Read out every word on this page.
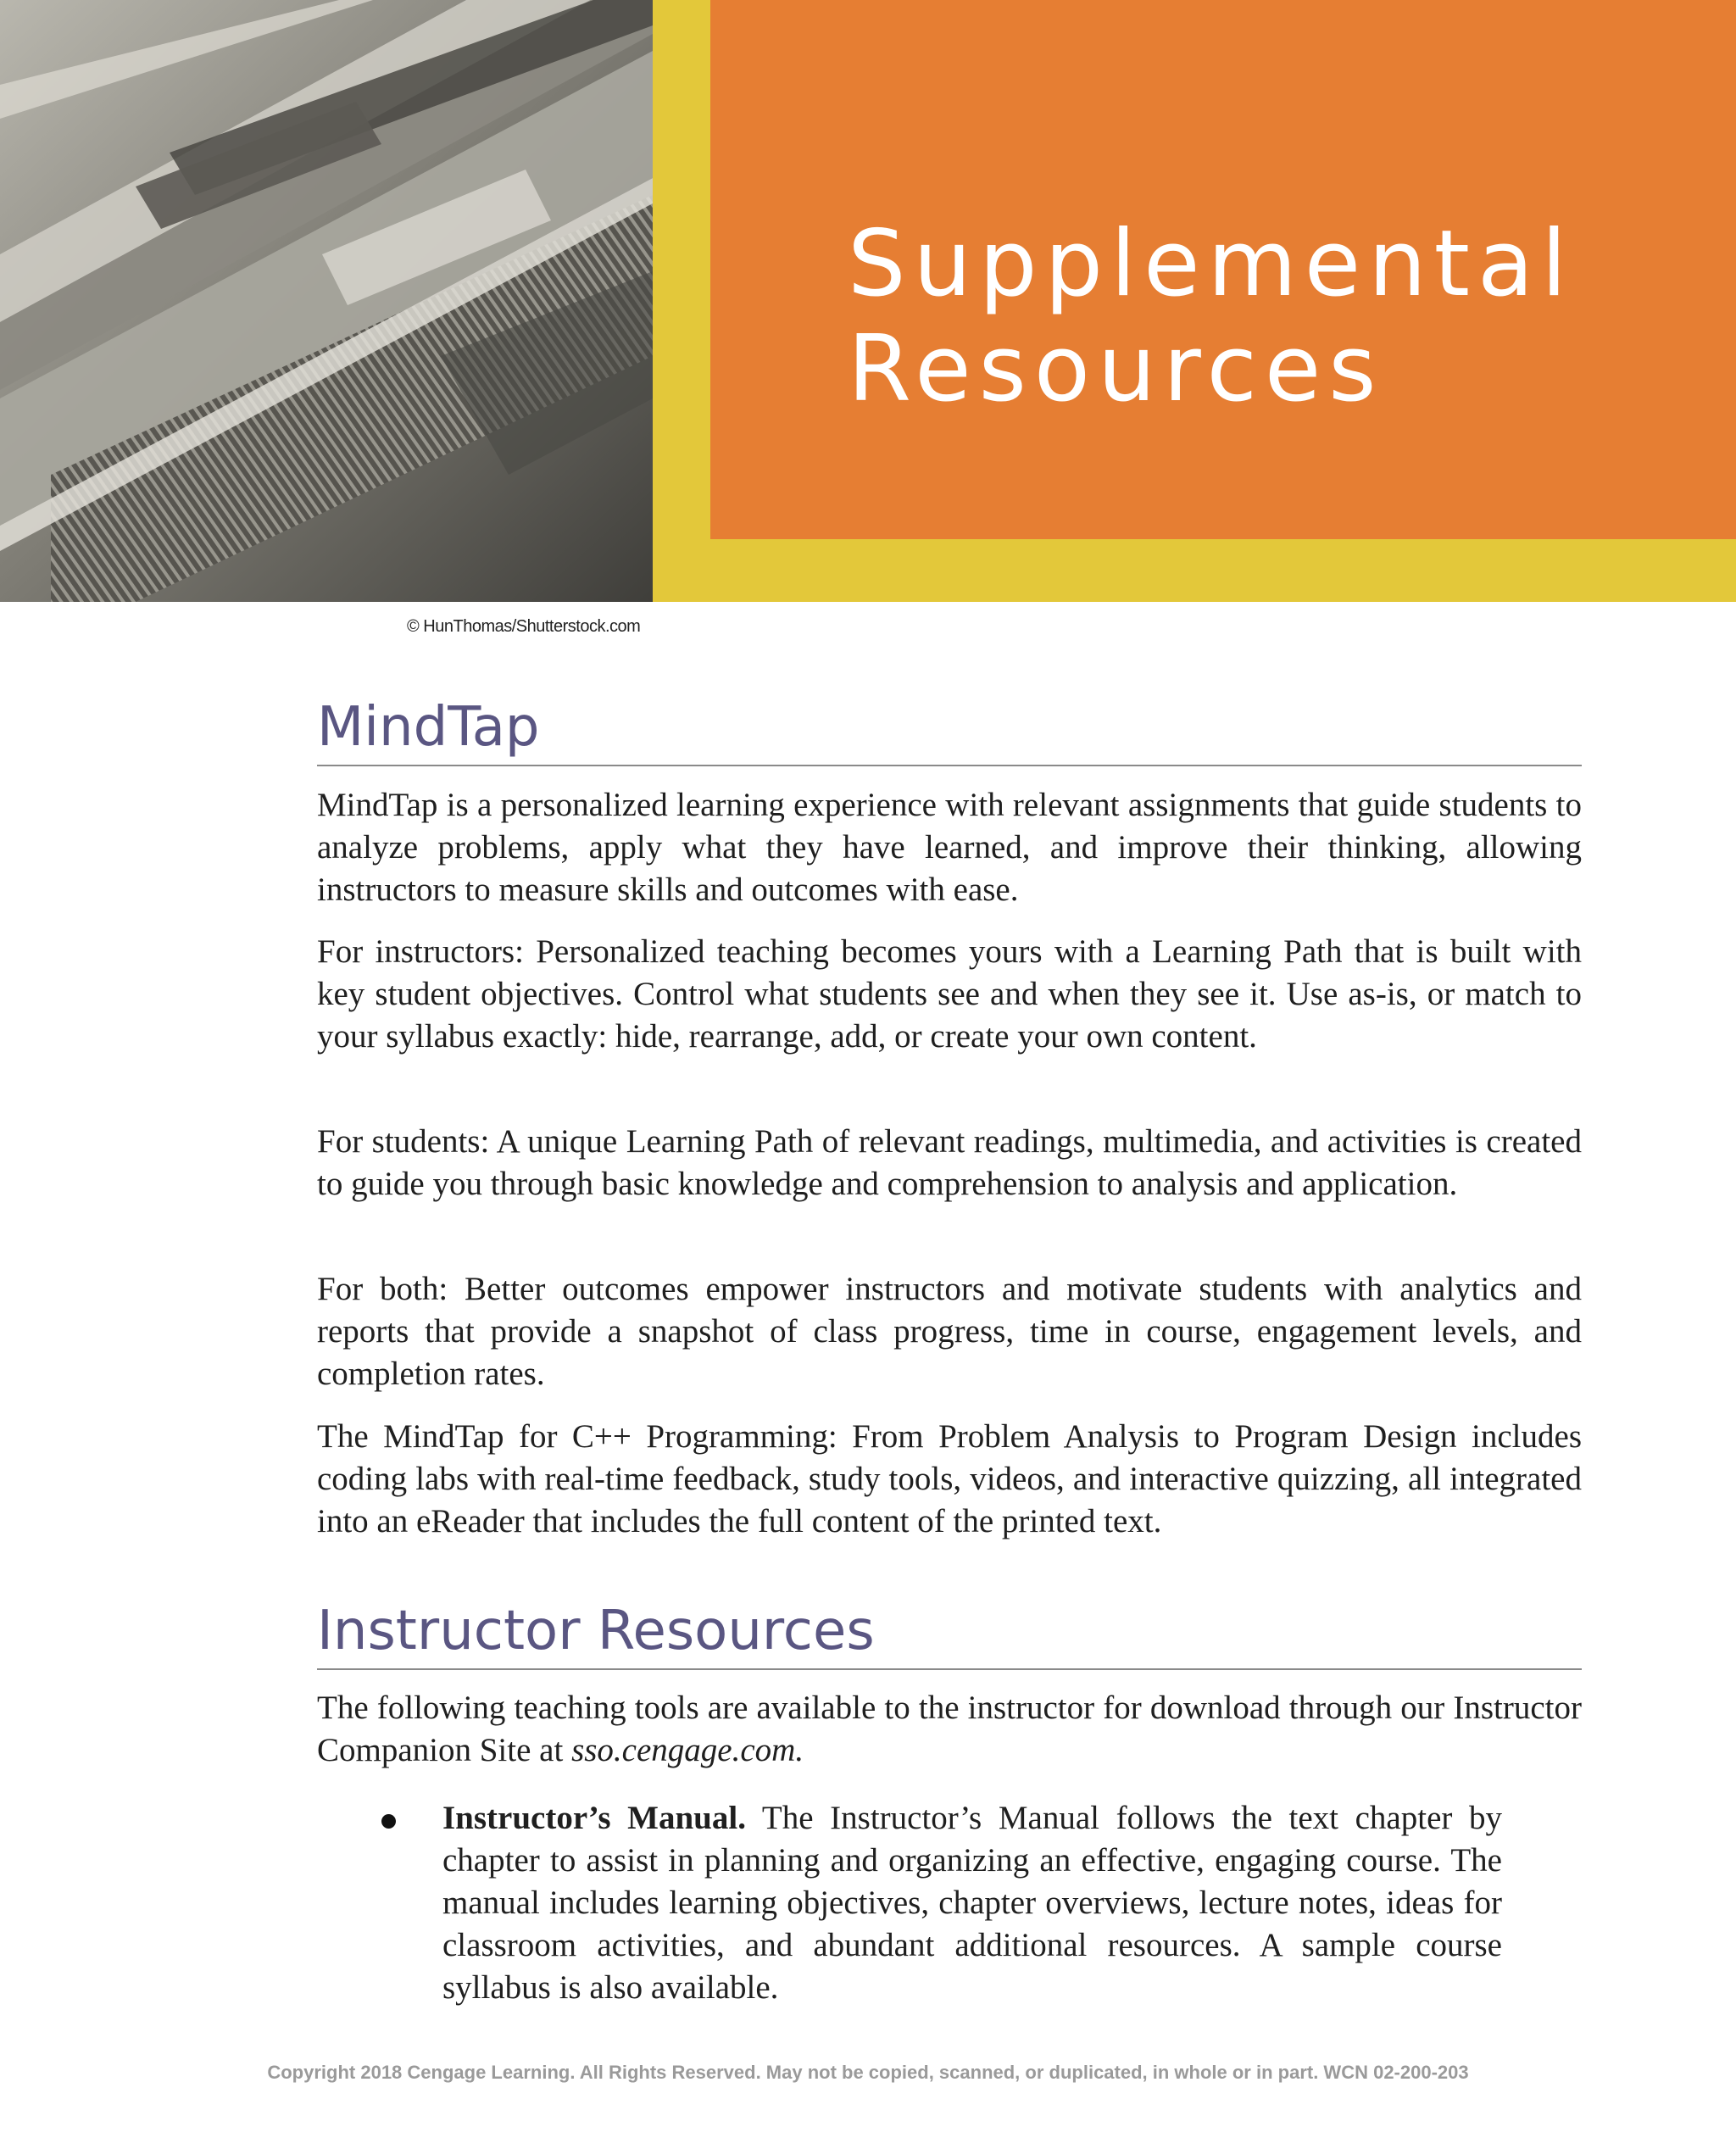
Supplemental
Resources
© HunThomas/Shutterstock.com
MindTap

MindTap is a personalized learning experience with relevant assignments that guide students to analyze problems, apply what they have learned, and improve their thinking, allowing instructors to measure skills and outcomes with ease.

For instructors: Personalized teaching becomes yours with a Learning Path that is built with key student objectives. Control what students see and when they see it. Use as-is, or match to your syllabus exactly: hide, rearrange, add, or create your own content.

For students: A unique Learning Path of relevant readings, multimedia, and activities is created to guide you through basic knowledge and comprehension to analysis and application.

For both: Better outcomes empower instructors and motivate students with analytics and reports that provide a snapshot of class progress, time in course, engagement levels, and completion rates.

The MindTap for C++ Programming: From Problem Analysis to Program Design includes coding labs with real-time feedback, study tools, videos, and interactive quizzing, all integrated into an eReader that includes the full content of the printed text.

Instructor Resources

The following teaching tools are available to the instructor for download through our Instructor Companion Site at sso.cengage.com.

Instructor’s Manual. The Instructor’s Manual follows the text chapter by chapter to assist in planning and organizing an effective, engaging course. The manual includes learning objectives, chapter overviews, lecture notes, ideas for classroom activities, and abundant additional resources. A sample course syllabus is also available.

Copyright 2018 Cengage Learning. All Rights Reserved. May not be copied, scanned, or duplicated, in whole or in part. WCN 02-200-203
